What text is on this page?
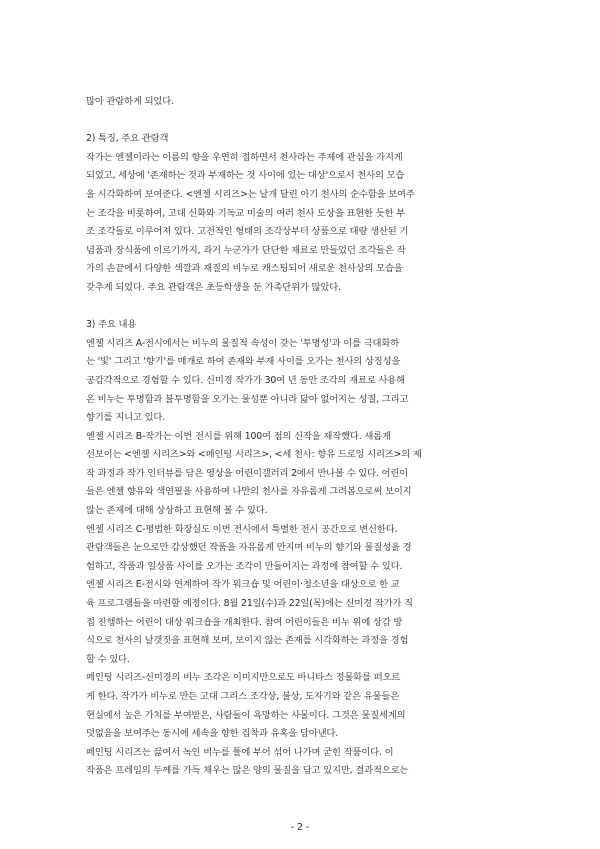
많아 관람하게 되었다.
2) 특징, 주요 관람객
작가는 엔젤이라는 이름의 향을 우연히 접하면서 천사라는 주제에 관심을 가지게
되었고, 세상에 '존재하는 것과 부재하는 것 사이에 있는 대상'으로서 천사의 모습
을 시각화하여 보여준다. <엔젤 시리즈>는 날개 달린 아기 천사의 순수함을 보여주
는 조각을 비롯하여, 고대 신화와 기독교 미술의 여러 천사 도상을 표현한 듯한 부
조 조각들로 이루어져 있다. 고전적인 형태의 조각상부터 상품으로 대량 생산된 기
념품과 장식품에 이르기까지, 과거 누군가가 단단한 재료로 만들었던 조각들은 작
가의 손끝에서 다양한 색깔과 재질의 비누로 캐스팅되어 새로운 천사상의 모습을
갖추게 되었다. 주요 관람객은 초등학생을 둔 가족단위가 많았다.
3) 주요 내용
엔젤 시리즈 A-전시에서는 비누의 물질적 속성이 갖는 '투명성'과 이를 극대화하
는 '빛' 그리고 '향기'를 매개로 하여 존재와 부재 사이를 오가는 천사의 상징성을
공감각적으로 경험할 수 있다. 신미경 작가가 30여 년 동안 조각의 재료로 사용해
온 비누는 투명함과 불투명함을 오가는 물성뿐 아니라 닳아 없어지는 성질, 그리고
향기를 지니고 있다.
엔젤 시리즈 B-작가는 이번 전시를 위해 100여 점의 신작을 제작했다. 새롭게
선보이는 <엔젤 시리즈>와 <페인팅 시리즈>, <세 천사: 향유 드로잉 시리즈>의 제
작 과정과 작가 인터뷰를 담은 영상을 어린이갤러리 2에서 만나볼 수 있다. 어린이
들은 엔젤 향유와 색연필을 사용하여 나만의 천사를 자유롭게 그려봄으로써 보이지
않는 존재에 대해 상상하고 표현해 볼 수 있다.
엔젤 시리즈 C-평범한 화장실도 이번 전시에서 특별한 전시 공간으로 변신한다.
관람객들은 눈으로만 감상했던 작품을 자유롭게 만지며 비누의 향기와 물질성을 경
험하고, 작품과 일상품 사이를 오가는 조각이 만들어지는 과정에 참여할 수 있다.
엔젤 시리즈 E-전시와 연계하여 작가 워크숍 및 어린이·청소년을 대상으로 한 교
육 프로그램들을 마련할 예정이다. 8월 21일(수)과 22일(목)에는 신미경 작가가 직
접 진행하는 어린이 대상 워크숍을 개최한다. 참여 어린이들은 비누 위에 상감 방
식으로 천사의 날갯짓을 표현해 보며, 보이지 않는 존재를 시각화하는 과정을 경험
할 수 있다.
페인팅 시리즈-신미경의 비누 조각은 이미지만으로도 바니타스 정물화를 떠오르
게 한다. 작가가 비누로 만든 고대 그리스 조각상, 불상, 도자기와 같은 유물들은
현실에서 높은 가치를 부여받은, 사람들이 욕망하는 사물이다. 그것은 물질세계의
덧없음을 보여주는 동시에 세속을 향한 집착과 유혹을 담아낸다.
페인팅 시리즈는 끓여서 녹인 비누를 틀에 부어 섞어 나가며 굳힌 작품이다. 이
작품은 프레임의 두께를 가득 채우는 많은 양의 물질을 담고 있지만, 결과적으로는
- 2 -
